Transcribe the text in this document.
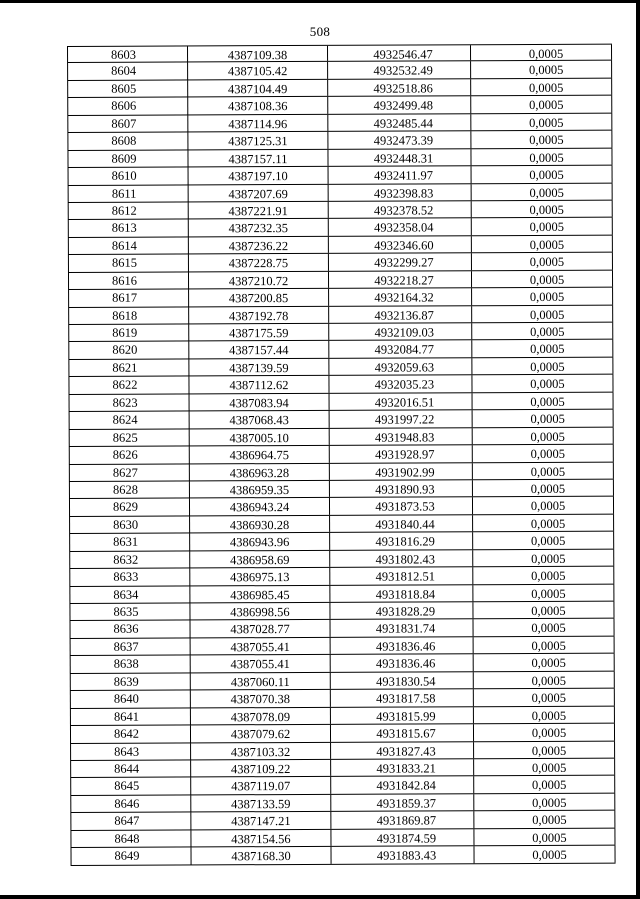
508
8603	4387109.38	4932546.47	0,0005
8604	4387105.42	4932532.49	0,0005
8605	4387104.49	4932518.86	0,0005
8606	4387108.36	4932499.48	0,0005
8607	4387114.96	4932485.44	0,0005
8608	4387125.31	4932473.39	0,0005
8609	4387157.11	4932448.31	0,0005
8610	4387197.10	4932411.97	0,0005
8611	4387207.69	4932398.83	0,0005
8612	4387221.91	4932378.52	0,0005
8613	4387232.35	4932358.04	0,0005
8614	4387236.22	4932346.60	0,0005
8615	4387228.75	4932299.27	0,0005
8616	4387210.72	4932218.27	0,0005
8617	4387200.85	4932164.32	0,0005
8618	4387192.78	4932136.87	0,0005
8619	4387175.59	4932109.03	0,0005
8620	4387157.44	4932084.77	0,0005
8621	4387139.59	4932059.63	0,0005
8622	4387112.62	4932035.23	0,0005
8623	4387083.94	4932016.51	0,0005
8624	4387068.43	4931997.22	0,0005
8625	4387005.10	4931948.83	0,0005
8626	4386964.75	4931928.97	0,0005
8627	4386963.28	4931902.99	0,0005
8628	4386959.35	4931890.93	0,0005
8629	4386943.24	4931873.53	0,0005
8630	4386930.28	4931840.44	0,0005
8631	4386943.96	4931816.29	0,0005
8632	4386958.69	4931802.43	0,0005
8633	4386975.13	4931812.51	0,0005
8634	4386985.45	4931818.84	0,0005
8635	4386998.56	4931828.29	0,0005
8636	4387028.77	4931831.74	0,0005
8637	4387055.41	4931836.46	0,0005
8638	4387055.41	4931836.46	0,0005
8639	4387060.11	4931830.54	0,0005
8640	4387070.38	4931817.58	0,0005
8641	4387078.09	4931815.99	0,0005
8642	4387079.62	4931815.67	0,0005
8643	4387103.32	4931827.43	0,0005
8644	4387109.22	4931833.21	0,0005
8645	4387119.07	4931842.84	0,0005
8646	4387133.59	4931859.37	0,0005
8647	4387147.21	4931869.87	0,0005
8648	4387154.56	4931874.59	0,0005
8649	4387168.30	4931883.43	0,0005
